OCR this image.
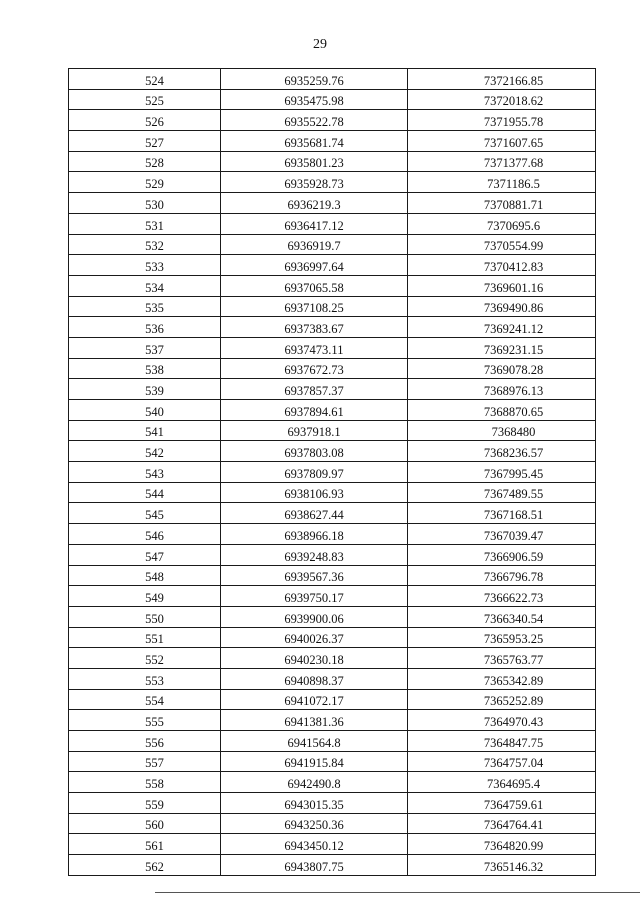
29
524	6935259.76	7372166.85
525	6935475.98	7372018.62
526	6935522.78	7371955.78
527	6935681.74	7371607.65
528	6935801.23	7371377.68
529	6935928.73	7371186.5
530	6936219.3	7370881.71
531	6936417.12	7370695.6
532	6936919.7	7370554.99
533	6936997.64	7370412.83
534	6937065.58	7369601.16
535	6937108.25	7369490.86
536	6937383.67	7369241.12
537	6937473.11	7369231.15
538	6937672.73	7369078.28
539	6937857.37	7368976.13
540	6937894.61	7368870.65
541	6937918.1	7368480
542	6937803.08	7368236.57
543	6937809.97	7367995.45
544	6938106.93	7367489.55
545	6938627.44	7367168.51
546	6938966.18	7367039.47
547	6939248.83	7366906.59
548	6939567.36	7366796.78
549	6939750.17	7366622.73
550	6939900.06	7366340.54
551	6940026.37	7365953.25
552	6940230.18	7365763.77
553	6940898.37	7365342.89
554	6941072.17	7365252.89
555	6941381.36	7364970.43
556	6941564.8	7364847.75
557	6941915.84	7364757.04
558	6942490.8	7364695.4
559	6943015.35	7364759.61
560	6943250.36	7364764.41
561	6943450.12	7364820.99
562	6943807.75	7365146.32
